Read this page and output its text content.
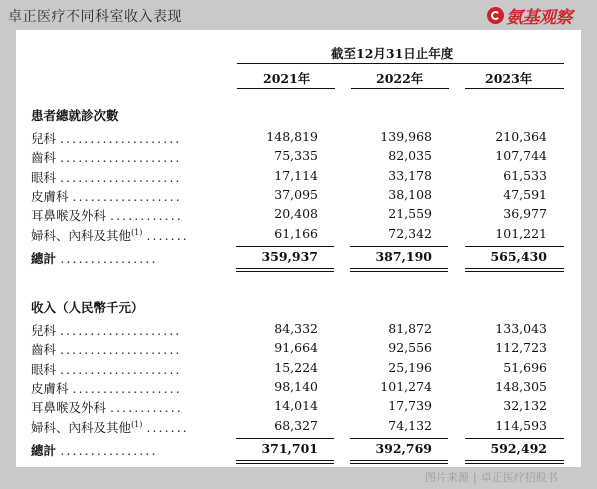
卓正医疗不同科室收入表现	氨基观察
截至12月31日止年度
2021年	2022年	2023年
患者總就診次數
兒科 ....................	148,819	139,968	210,364
齒科 ....................	75,335	82,035	107,744
眼科 ....................	17,114	33,178	61,533
皮膚科 ..................	37,095	38,108	47,591
耳鼻喉及外科 ............	20,408	21,559	36,977
婦科、內科及其他$^{(1)}$ .......	61,166	72,342	101,221
總計 ................	359,937	387,190	565,430
收入（人民幣千元）
兒科 ....................	84,332	81,872	133,043
齒科 ....................	91,664	92,556	112,723
眼科 ....................	15,224	25,196	51,696
皮膚科 ..................	98,140	101,274	148,305
耳鼻喉及外科 ............	14,014	17,739	32,132
婦科、內科及其他$^{(1)}$ .......	68,327	74,132	114,593
總計 ................	371,701	392,769	592,492
图片来源 | 卓正医疗招股书
